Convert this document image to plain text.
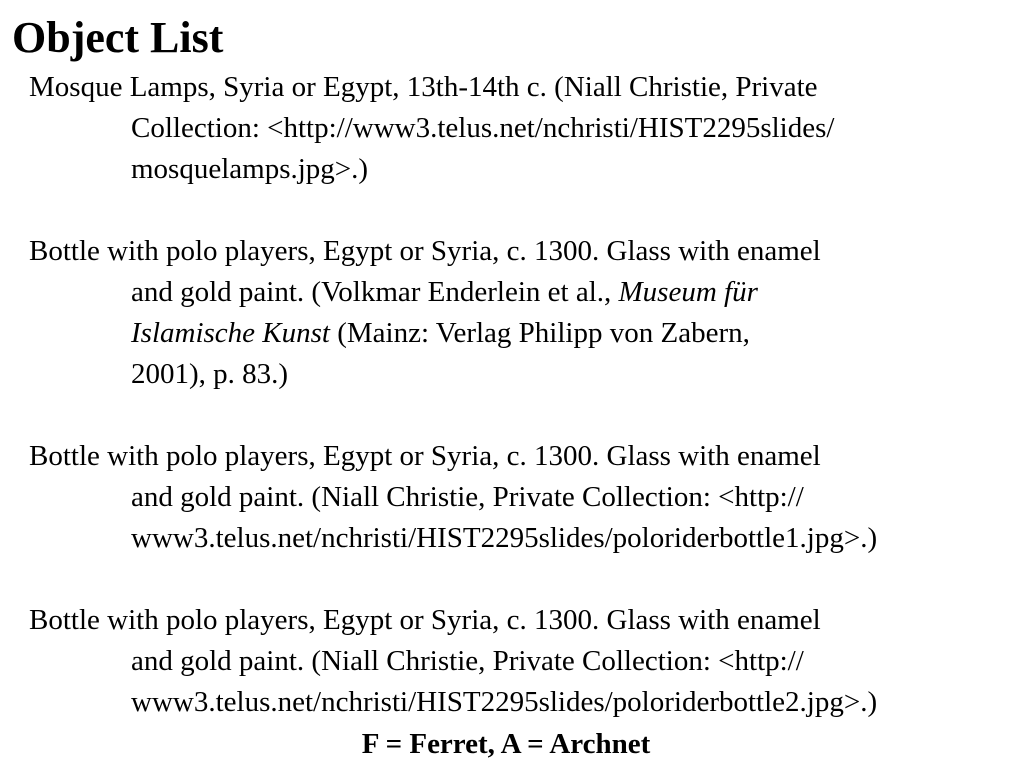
Object List

Mosque Lamps, Syria or Egypt, 13th-14th c. (Niall Christie, Private
Collection: <http://www3.telus.net/nchristi/HIST2295slides/
mosquelamps.jpg>.)

Bottle with polo players, Egypt or Syria, c. 1300. Glass with enamel
and gold paint. (Volkmar Enderlein et al., Museum für
Islamische Kunst (Mainz: Verlag Philipp von Zabern,
2001), p. 83.)

Bottle with polo players, Egypt or Syria, c. 1300. Glass with enamel
and gold paint. (Niall Christie, Private Collection: <http://
www3.telus.net/nchristi/HIST2295slides/poloriderbottle1.jpg>.)

Bottle with polo players, Egypt or Syria, c. 1300. Glass with enamel
and gold paint. (Niall Christie, Private Collection: <http://
www3.telus.net/nchristi/HIST2295slides/poloriderbottle2.jpg>.)

F = Ferret, A = Archnet
